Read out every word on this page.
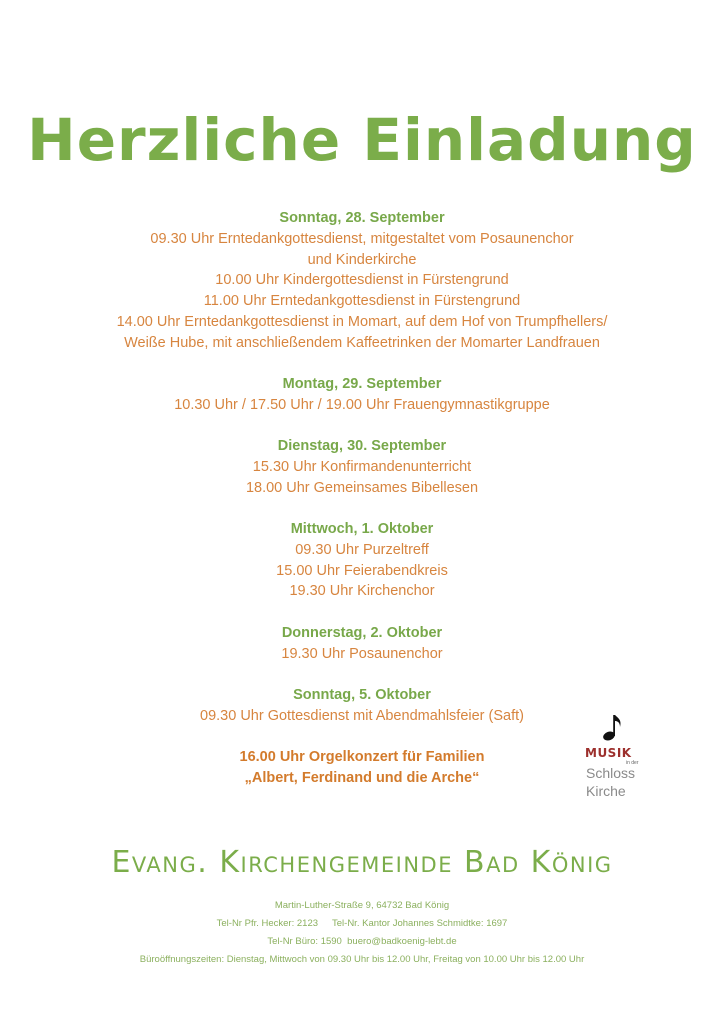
Herzliche Einladung
Sonntag, 28. September
09.30 Uhr Erntedankgottesdienst, mitgestaltet vom Posaunenchor
und Kinderkirche
10.00 Uhr Kindergottesdienst in Fürstengrund
11.00 Uhr Erntedankgottesdienst in Fürstengrund
14.00 Uhr Erntedankgottesdienst in Momart, auf dem Hof von Trumpfhellers/
Weiße Hube, mit anschließendem Kaffeetrinken der Momarter Landfrauen
Montag, 29. September
10.30 Uhr / 17.50 Uhr / 19.00 Uhr Frauengymnastikgruppe
Dienstag, 30. September
15.30 Uhr Konfirmandenunterricht
18.00 Uhr Gemeinsames Bibellesen
Mittwoch, 1. Oktober
09.30 Uhr Purzeltreff
15.00 Uhr Feierabendkreis
19.30 Uhr Kirchenchor
Donnerstag, 2. Oktober
19.30 Uhr Posaunenchor
Sonntag, 5. Oktober
09.30 Uhr Gottesdienst mit Abendmahlsfeier (Saft)
16.00 Uhr Orgelkonzert für Familien
„Albert, Ferdinand und die Arche“
MUSIK
in der
Schloss
Kirche
Evang. Kirchengemeinde Bad König
Martin-Luther-Straße 9, 64732 Bad König
Tel-Nr Pfr. Hecker: 2123 Tel-Nr. Kantor Johannes Schmidtke: 1697
Tel-Nr Büro: 1590 buero@badkoenig-lebt.de
Büroöffnungszeiten: Dienstag, Mittwoch von 09.30 Uhr bis 12.00 Uhr, Freitag von 10.00 Uhr bis 12.00 Uhr
